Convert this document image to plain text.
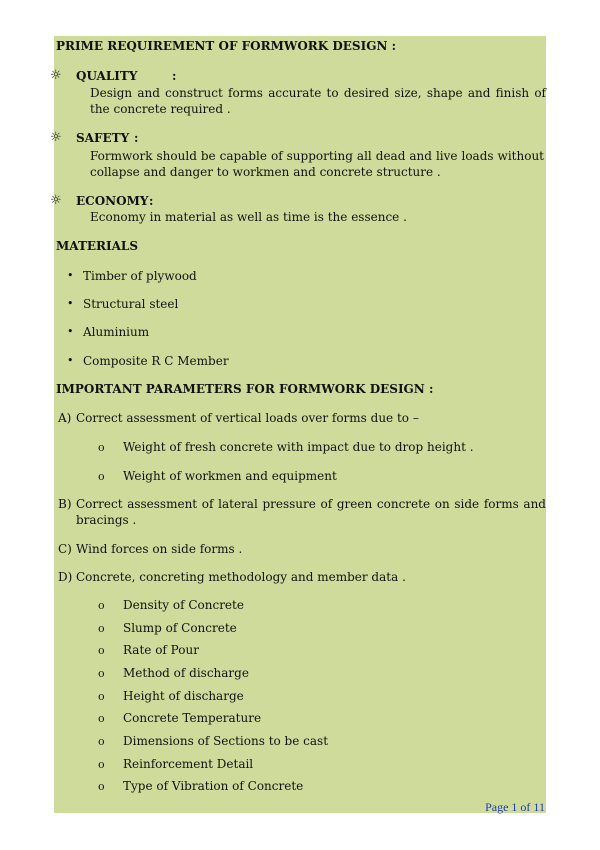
PRIME REQUIREMENT OF FORMWORK DESIGN :
☼ QUALITY	:
Design and construct forms accurate to desired size, shape and finish of the concrete required .
☼ SAFETY :
Formwork should be capable of supporting all dead and live loads without collapse and danger to workmen and concrete structure .
☼ ECONOMY :
Economy in material as well as time is the essence .
MATERIALS
• Timber of plywood
• Structural steel
• Aluminium
• Composite R C Member
IMPORTANT PARAMETERS FOR FORMWORK DESIGN :
A) Correct assessment of vertical loads over forms due to –
o Weight of fresh concrete with impact due to drop height .
o Weight of workmen and equipment
B) Correct assessment of lateral pressure of green concrete on side forms and bracings .
C) Wind forces on side forms .
D) Concrete, concreting methodology and member data .
o Density of Concrete
o Slump of Concrete
o Rate of Pour
o Method of discharge
o Height of discharge
o Concrete Temperature
o Dimensions of Sections to be cast
o Reinforcement Detail
o Type of Vibration of Concrete
Page 1 of 11
